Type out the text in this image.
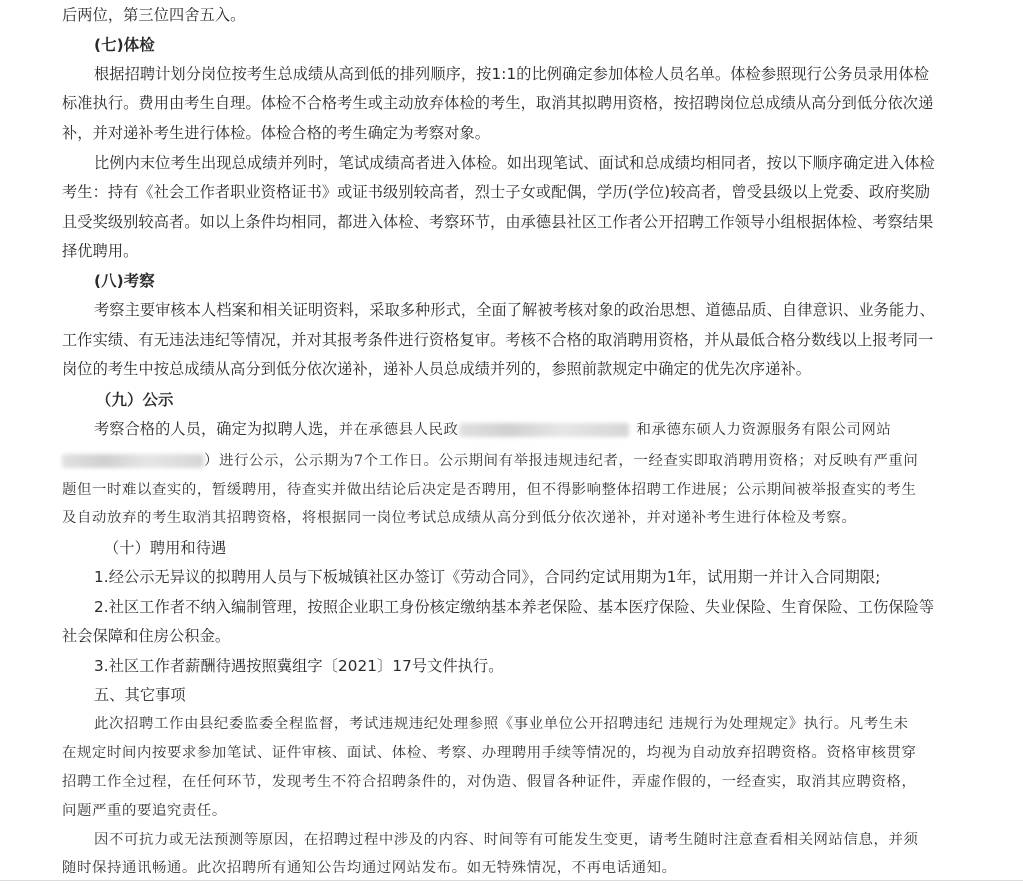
后两位，第三位四舍五入。
(七)体检
根据招聘计划分岗位按考生总成绩从高到低的排列顺序，按1:1的比例确定参加体检人员名单。体检参照现行公务员录用体检
标准执行。费用由考生自理。体检不合格考生或主动放弃体检的考生，取消其拟聘用资格，按招聘岗位总成绩从高分到低分依次递
补，并对递补考生进行体检。体检合格的考生确定为考察对象。
比例内末位考生出现总成绩并列时，笔试成绩高者进入体检。如出现笔试、面试和总成绩均相同者，按以下顺序确定进入体检
考生：持有《社会工作者职业资格证书》或证书级别较高者，烈士子女或配偶，学历(学位)较高者，曾受县级以上党委、政府奖励
且受奖级别较高者。如以上条件均相同，都进入体检、考察环节，由承德县社区工作者公开招聘工作领导小组根据体检、考察结果
择优聘用。
(八)考察
考察主要审核本人档案和相关证明资料，采取多种形式，全面了解被考核对象的政治思想、道德品质、自律意识、业务能力、
工作实绩、有无违法违纪等情况，并对其报考条件进行资格复审。考核不合格的取消聘用资格，并从最低合格分数线以上报考同一
岗位的考生中按总成绩从高分到低分依次递补，递补人员总成绩并列的，参照前款规定中确定的优先次序递补。
（九）公示
考察合格的人员，确定为拟聘人选，并在承德县人民政	和承德东硕人力资源服务有限公司网站
）进行公示，公示期为7个工作日。公示期间有举报违规违纪者，一经查实即取消聘用资格；对反映有严重问
题但一时难以查实的，暂缓聘用，待查实并做出结论后决定是否聘用，但不得影响整体招聘工作进展；公示期间被举报查实的考生
及自动放弃的考生取消其招聘资格，将根据同一岗位考试总成绩从高分到低分依次递补，并对递补考生进行体检及考察。
（十）聘用和待遇
1.经公示无异议的拟聘用人员与下板城镇社区办签订《劳动合同》，合同约定试用期为1年，试用期一并计入合同期限;
2.社区工作者不纳入编制管理，按照企业职工身份核定缴纳基本养老保险、基本医疗保险、失业保险、生育保险、工伤保险等
社会保障和住房公积金。
3.社区工作者薪酬待遇按照冀组字〔2021〕17号文件执行。
五、其它事项
此次招聘工作由县纪委监委全程监督，考试违规违纪处理参照《事业单位公开招聘违纪 违规行为处理规定》执行。凡考生未
在规定时间内按要求参加笔试、证件审核、面试、体检、考察、办理聘用手续等情况的，均视为自动放弃招聘资格。资格审核贯穿
招聘工作全过程，在任何环节，发现考生不符合招聘条件的，对伪造、假冒各种证件，弄虚作假的，一经查实，取消其应聘资格，
问题严重的要追究责任。
因不可抗力或无法预测等原因，在招聘过程中涉及的内容、时间等有可能发生变更，请考生随时注意查看相关网站信息，并须
随时保持通讯畅通。此次招聘所有通知公告均通过网站发布。如无特殊情况，不再电话通知。
